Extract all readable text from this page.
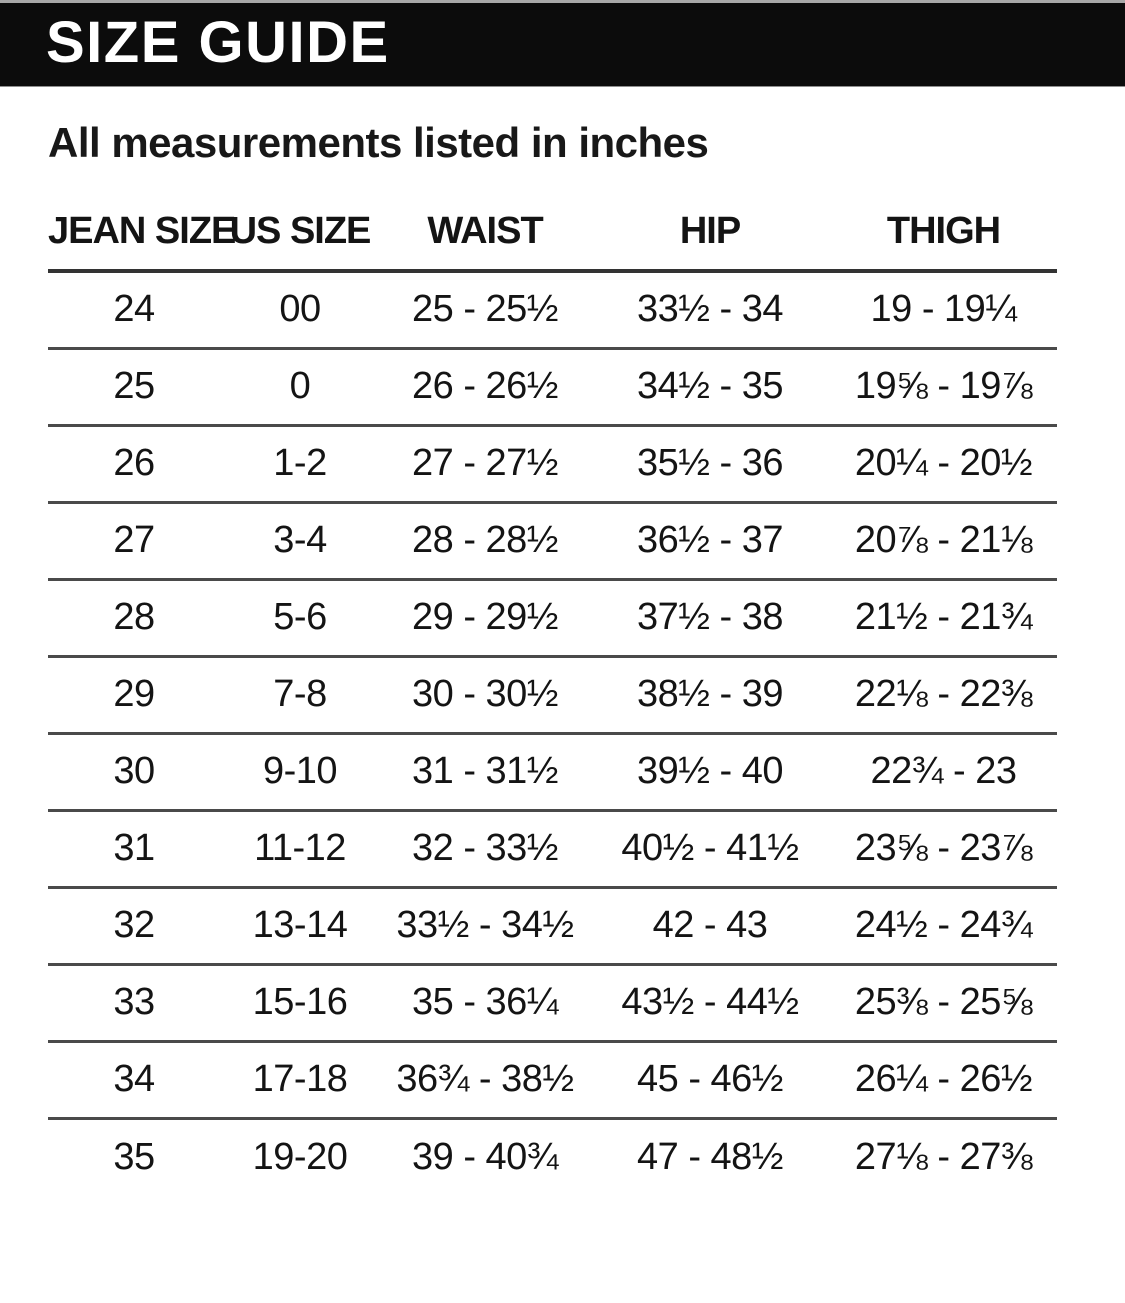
SIZE GUIDE
All measurements listed in inches
JEAN SIZE	US SIZE	WAIST	HIP	THIGH
24	00	25 - 25½	33½ - 34	19 - 19¼
25	0	26 - 26½	34½ - 35	19⅝ - 19⅞
26	1-2	27 - 27½	35½ - 36	20¼ - 20½
27	3-4	28 - 28½	36½ - 37	20⅞ - 21⅛
28	5-6	29 - 29½	37½ - 38	21½ - 21¾
29	7-8	30 - 30½	38½ - 39	22⅛ - 22⅜
30	9-10	31 - 31½	39½ - 40	22¾ - 23
31	11-12	32 - 33½	40½ - 41½	23⅝ - 23⅞
32	13-14	33½ - 34½	42 - 43	24½ - 24¾
33	15-16	35 - 36¼	43½ - 44½	25⅜ - 25⅝
34	17-18	36¾ - 38½	45 - 46½	26¼ - 26½
35	19-20	39 - 40¾	47 - 48½	27⅛ - 27⅜
